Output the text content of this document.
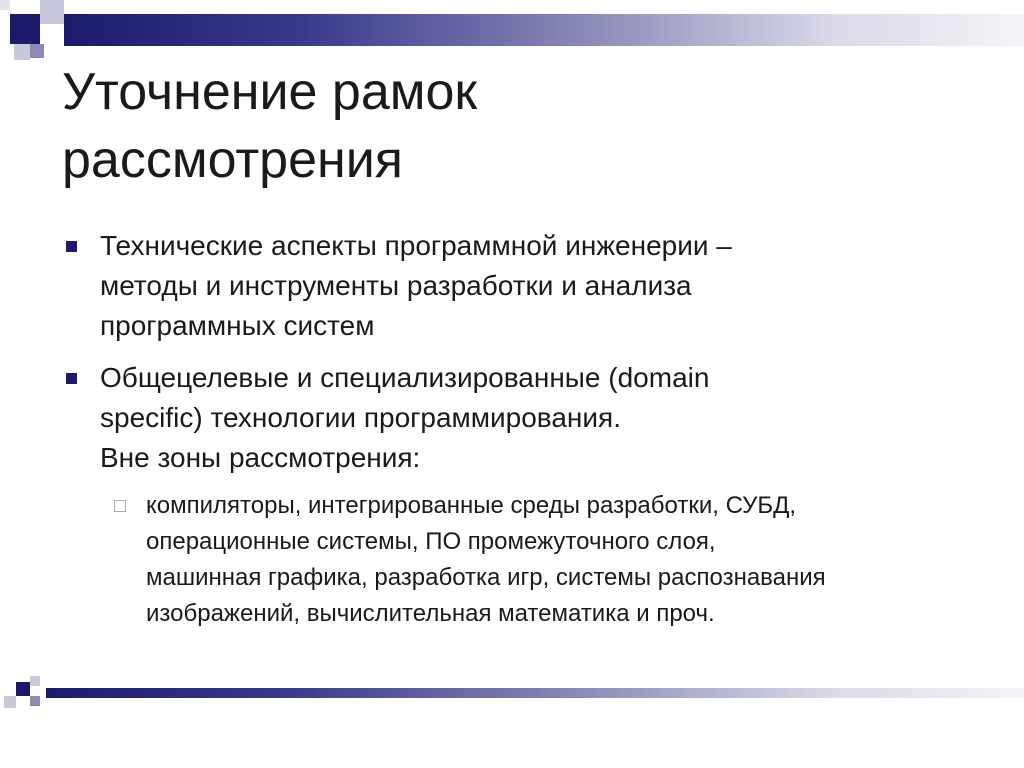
Уточнение рамок
рассмотрения
Технические аспекты программной инженерии –
методы и инструменты разработки и анализа
программных систем
Общецелевые и специализированные (domain
specific) технологии программирования.
Вне зоны рассмотрения:
компиляторы, интегрированные среды разработки, СУБД,
операционные системы, ПО промежуточного слоя,
машинная графика, разработка игр, системы распознавания
изображений, вычислительная математика и проч.
